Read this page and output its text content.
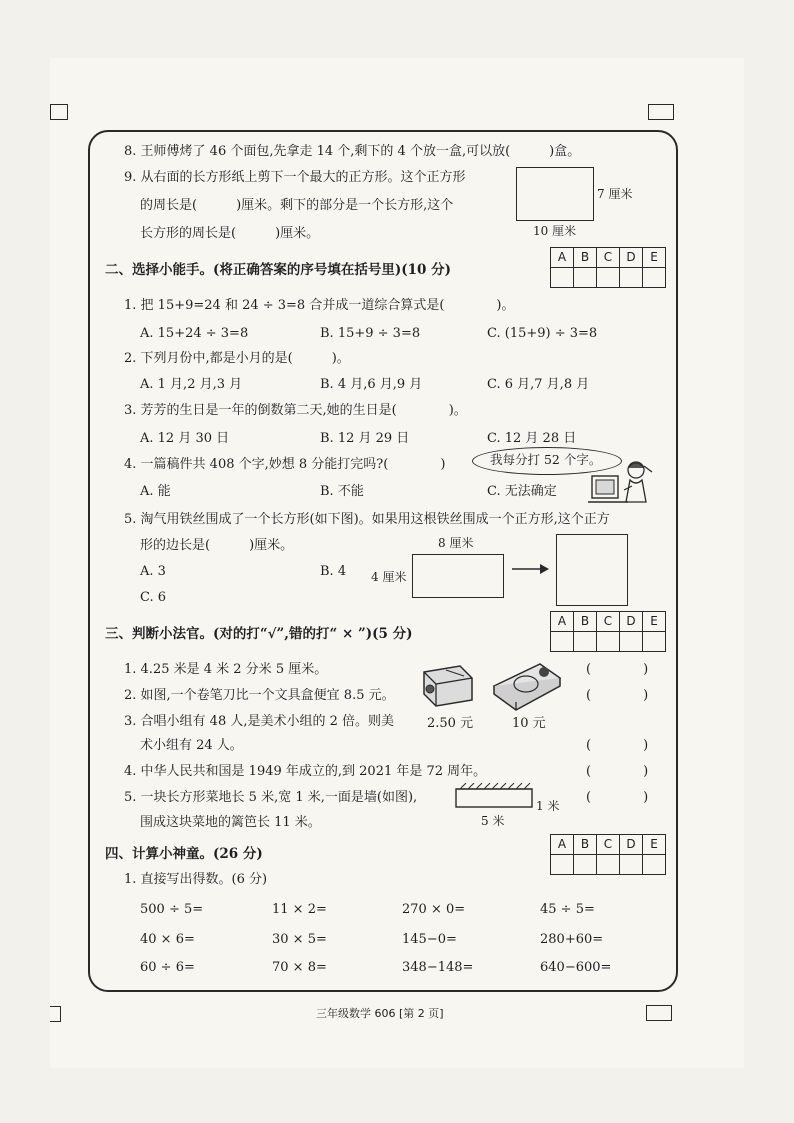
8. 王师傅烤了 46 个面包,先拿走 14 个,剩下的 4 个放一盒,可以放(　　　)盒。
9. 从右面的长方形纸上剪下一个最大的正方形。这个正方形
的周长是(　　　)厘米。剩下的部分是一个长方形,这个
长方形的周长是(　　　)厘米。
7 厘米
10 厘米
A	B	C	D	E

二、选择小能手。(将正确答案的序号填在括号里)(10 分)
1. 把 15+9=24 和 24 ÷ 3=8 合并成一道综合算式是(　　　　)。
A. 15+24 ÷ 3=8	B. 15+9 ÷ 3=8	C. (15+9) ÷ 3=8
2. 下列月份中,都是小月的是(　　　)。
A. 1 月,2 月,3 月	B. 4 月,6 月,9 月	C. 6 月,7 月,8 月
3. 芳芳的生日是一年的倒数第二天,她的生日是(　　　　)。
A. 12 月 30 日	B. 12 月 29 日	C. 12 月 28 日
4. 一篇稿件共 408 个字,妙想 8 分能打完吗?(　　　　)	我每分打 52 个字。
A. 能	B. 不能	C. 无法确定
5. 淘气用铁丝围成了一个长方形(如下图)。如果用这根铁丝围成一个正方形,这个正方
形的边长是(　　　)厘米。
A. 3	B. 4
C. 6
8 厘米
4 厘米
A	B	C	D	E

三、判断小法官。(对的打“√”,错的打“ × ”)(5 分)
1. 4.25 米是 4 米 2 分米 5 厘米。
2. 如图,一个卷笔刀比一个文具盒便宜 8.5 元。
3. 合唱小组有 48 人,是美术小组的 2 倍。则美
术小组有 24 人。
4. 中华人民共和国是 1949 年成立的,到 2021 年是 72 周年。
5. 一块长方形菜地长 5 米,宽 1 米,一面是墙(如图),
围成这块菜地的篱笆长 11 米。
(　　　　)
(　　　　)
(　　　　)
(　　　　)
(　　　　)
2.50 元	10 元
1 米
5 米
A	B	C	D	E

四、计算小神童。(26 分)
1. 直接写出得数。(6 分)
500 ÷ 5=	11 × 2=	270 × 0=	45 ÷ 5=
40 × 6=	30 × 5=	145−0=	280+60=
60 ÷ 6=	70 × 8=	348−148=	640−600=
三年级数学 606 [第 2 页]
